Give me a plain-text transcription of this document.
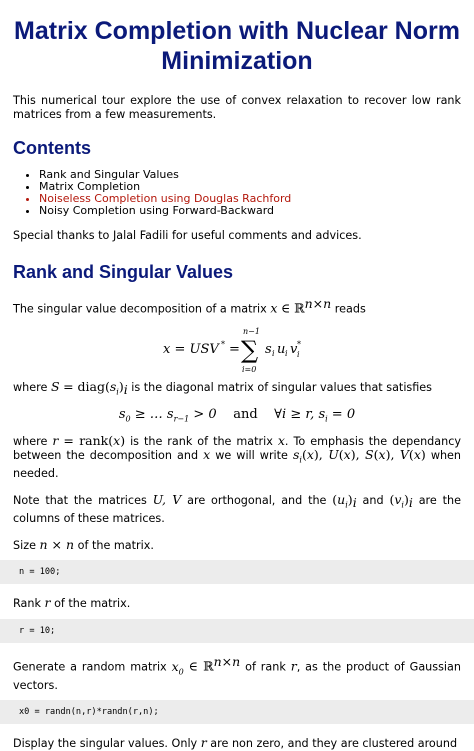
Matrix Completion with Nuclear Norm Minimization

This numerical tour explore the use of convex relaxation to recover low rank matrices from a few measurements.

Contents
• Rank and Singular Values
• Matrix Completion
• Noiseless Completion using Douglas Rachford
• Noisy Completion using Forward-Backward

Special thanks to Jalal Fadili for useful comments and advices.

Rank and Singular Values

The singular value decomposition of a matrix x ∈ ℝ$^{n\times n}$ reads

x = USV * =
n−1
∑
i=0
s i u i v *
i

where $S = diag(s_i)_i$ is the diagonal matrix of singular values that satisfies

$s_0$ ≥ … $s_{r-1} > 0$    and    ∀i ≥ r, $s_i = 0$

where r = rank(x) is the rank of the matrix x. To emphasis the dependancy between the decomposition and x we will write $s_i(x)$, U(x), S(x), V(x) when needed.

Note that the matrices U, V are orthogonal, and the $(u_i)_i$ and $(v_i)_i$ are the columns of these matrices.

Size n × n of the matrix.

n = 100;

Rank r of the matrix.

r = 10;

Generate a random matrix $x_0$ ∈ ℝ$^{n\times n}$ of rank r, as the product of Gaussian vectors.

x0 = randn(n,r)*randn(r,n);

Display the singular values. Only r are non zero, and they are clustered around
